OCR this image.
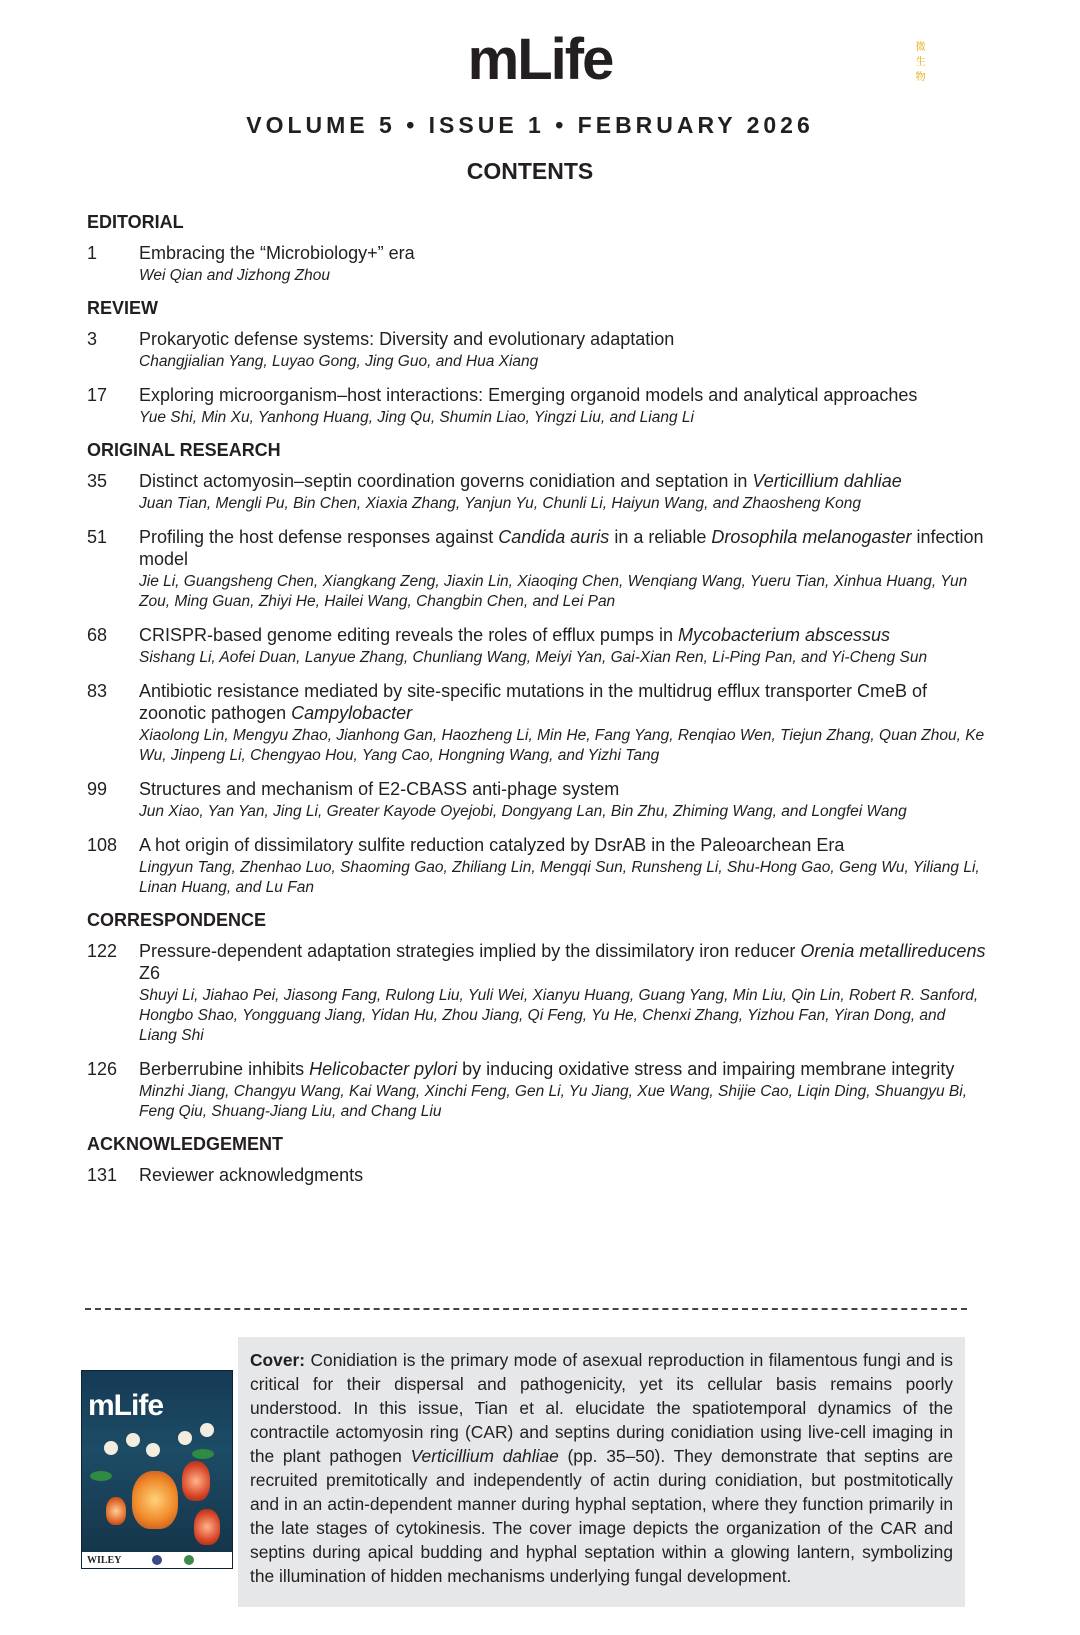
微生物
mLife
VOLUME 5 • ISSUE 1 • FEBRUARY 2026
CONTENTS
EDITORIAL
1	Embracing the “Microbiology+” era
Wei Qian and Jizhong Zhou
REVIEW
3	Prokaryotic defense systems: Diversity and evolutionary adaptation
Changjialian Yang, Luyao Gong, Jing Guo, and Hua Xiang
17	Exploring microorganism–host interactions: Emerging organoid models and analytical approaches
Yue Shi, Min Xu, Yanhong Huang, Jing Qu, Shumin Liao, Yingzi Liu, and Liang Li
ORIGINAL RESEARCH
35	Distinct actomyosin–septin coordination governs conidiation and septation in Verticillium dahliae
Juan Tian, Mengli Pu, Bin Chen, Xiaxia Zhang, Yanjun Yu, Chunli Li, Haiyun Wang, and Zhaosheng Kong
51	Profiling the host defense responses against Candida auris in a reliable Drosophila melanogaster infection model
Jie Li, Guangsheng Chen, Xiangkang Zeng, Jiaxin Lin, Xiaoqing Chen, Wenqiang Wang, Yueru Tian, Xinhua Huang, Yun Zou, Ming Guan, Zhiyi He, Hailei Wang, Changbin Chen, and Lei Pan
68	CRISPR-based genome editing reveals the roles of efflux pumps in Mycobacterium abscessus
Sishang Li, Aofei Duan, Lanyue Zhang, Chunliang Wang, Meiyi Yan, Gai-Xian Ren, Li-Ping Pan, and Yi-Cheng Sun
83	Antibiotic resistance mediated by site-specific mutations in the multidrug efflux transporter CmeB of zoonotic pathogen Campylobacter
Xiaolong Lin, Mengyu Zhao, Jianhong Gan, Haozheng Li, Min He, Fang Yang, Renqiao Wen, Tiejun Zhang, Quan Zhou, Ke Wu, Jinpeng Li, Chengyao Hou, Yang Cao, Hongning Wang, and Yizhi Tang
99	Structures and mechanism of E2-CBASS anti-phage system
Jun Xiao, Yan Yan, Jing Li, Greater Kayode Oyejobi, Dongyang Lan, Bin Zhu, Zhiming Wang, and Longfei Wang
108	A hot origin of dissimilatory sulfite reduction catalyzed by DsrAB in the Paleoarchean Era
Lingyun Tang, Zhenhao Luo, Shaoming Gao, Zhiliang Lin, Mengqi Sun, Runsheng Li, Shu-Hong Gao, Geng Wu, Yiliang Li, Linan Huang, and Lu Fan
CORRESPONDENCE
122	Pressure-dependent adaptation strategies implied by the dissimilatory iron reducer Orenia metallireducens Z6
Shuyi Li, Jiahao Pei, Jiasong Fang, Rulong Liu, Yuli Wei, Xianyu Huang, Guang Yang, Min Liu, Qin Lin, Robert R. Sanford, Hongbo Shao, Yongguang Jiang, Yidan Hu, Zhou Jiang, Qi Feng, Yu He, Chenxi Zhang, Yizhou Fan, Yiran Dong, and Liang Shi
126	Berberrubine inhibits Helicobacter pylori by inducing oxidative stress and impairing membrane integrity
Minzhi Jiang, Changyu Wang, Kai Wang, Xinchi Feng, Gen Li, Yu Jiang, Xue Wang, Shijie Cao, Liqin Ding, Shuangyu Bi, Feng Qiu, Shuang-Jiang Liu, and Chang Liu
ACKNOWLEDGEMENT
131	Reviewer acknowledgments
mLife
WILEY
Cover: Conidiation is the primary mode of asexual reproduction in filamentous fungi and is critical for their dispersal and pathogenicity, yet its cellular basis remains poorly understood. In this issue, Tian et al. elucidate the spatiotemporal dynamics of the contractile actomyosin ring (CAR) and septins during conidiation using live-cell imaging in the plant pathogen Verticillium dahliae (pp. 35–50). They demonstrate that septins are recruited premitotically and independently of actin during conidiation, but postmitotically and in an actin-dependent manner during hyphal septation, where they function primarily in the late stages of cytokinesis. The cover image depicts the organization of the CAR and septins during apical budding and hyphal septation within a glowing lantern, symbolizing the illumination of hidden mechanisms underlying fungal development.
